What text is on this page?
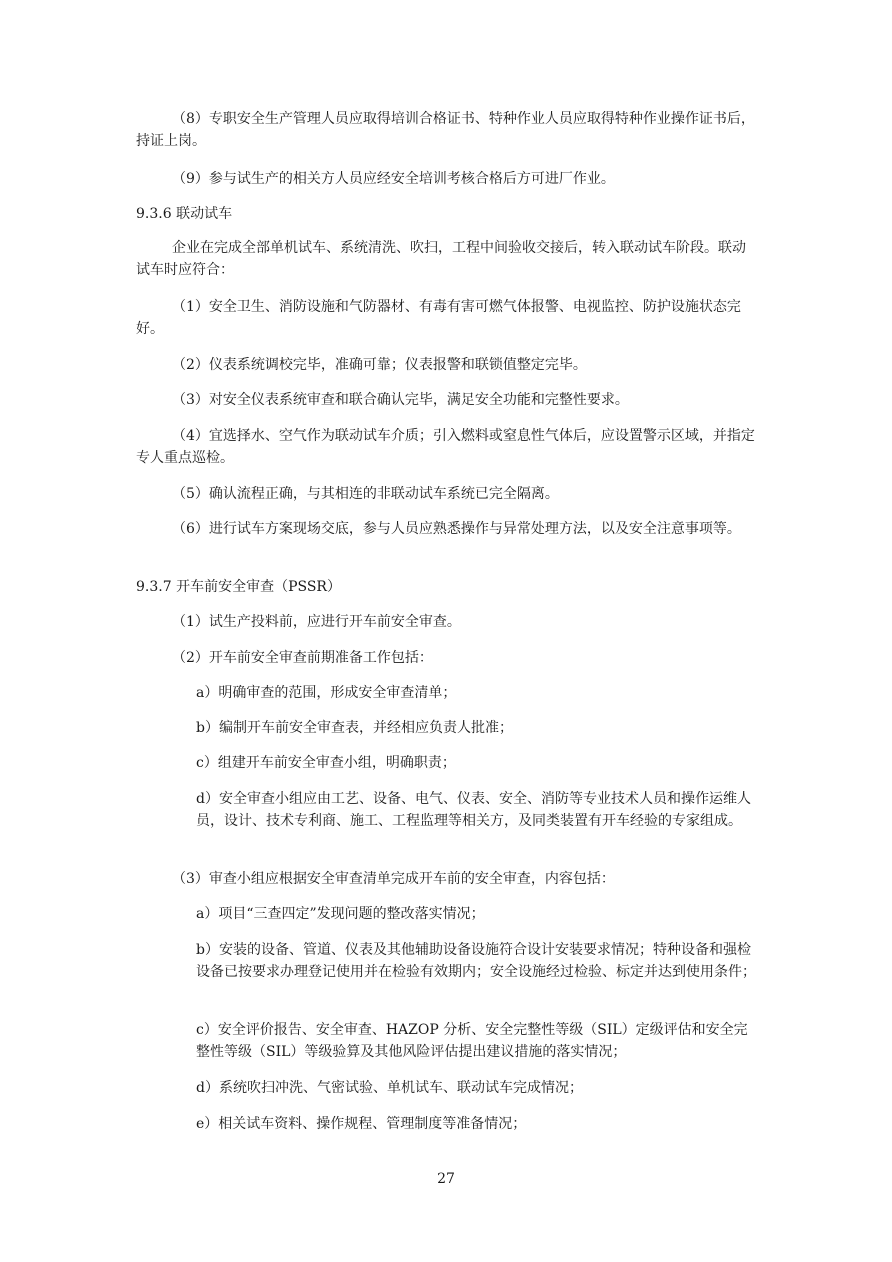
（8）专职安全生产管理人员应取得培训合格证书、特种作业人员应取得特种作业操作证书后，持证上岗。

（9）参与试生产的相关方人员应经安全培训考核合格后方可进厂作业。

9.3.6 联动试车

企业在完成全部单机试车、系统清洗、吹扫，工程中间验收交接后，转入联动试车阶段。联动试车时应符合：

（1）安全卫生、消防设施和气防器材、有毒有害可燃气体报警、电视监控、防护设施状态完好。

（2）仪表系统调校完毕，准确可靠；仪表报警和联锁值整定完毕。

（3）对安全仪表系统审查和联合确认完毕，满足安全功能和完整性要求。

（4）宜选择水、空气作为联动试车介质；引入燃料或窒息性气体后，应设置警示区域，并指定专人重点巡检。

（5）确认流程正确，与其相连的非联动试车系统已完全隔离。

（6）进行试车方案现场交底，参与人员应熟悉操作与异常处理方法，以及安全注意事项等。

9.3.7 开车前安全审查（PSSR）

（1）试生产投料前，应进行开车前安全审查。

（2）开车前安全审查前期准备工作包括：

a）明确审查的范围，形成安全审查清单；

b）编制开车前安全审查表，并经相应负责人批准；

c）组建开车前安全审查小组，明确职责；

d）安全审查小组应由工艺、设备、电气、仪表、安全、消防等专业技术人员和操作运维人员，设计、技术专利商、施工、工程监理等相关方，及同类装置有开车经验的专家组成。

（3）审查小组应根据安全审查清单完成开车前的安全审查，内容包括：

a）项目“三查四定”发现问题的整改落实情况；

b）安装的设备、管道、仪表及其他辅助设备设施符合设计安装要求情况；特种设备和强检设备已按要求办理登记使用并在检验有效期内；安全设施经过检验、标定并达到使用条件；

c）安全评价报告、安全审查、HAZOP 分析、安全完整性等级（SIL）定级评估和安全完整性等级（SIL）等级验算及其他风险评估提出建议措施的落实情况；

d）系统吹扫冲洗、气密试验、单机试车、联动试车完成情况；

e）相关试车资料、操作规程、管理制度等准备情况；

27
